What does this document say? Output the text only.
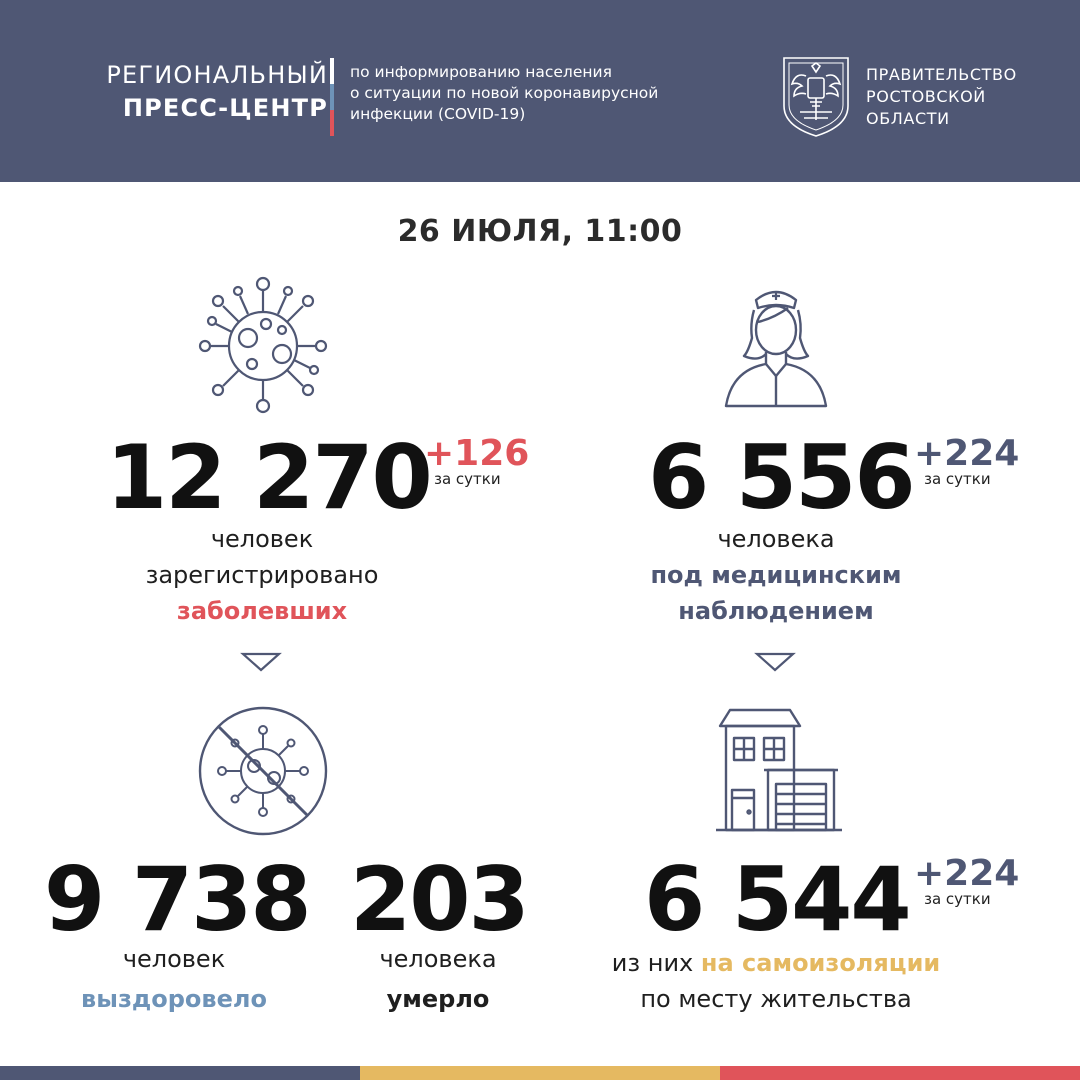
РЕГИОНАЛЬНЫЙ
ПРЕСС-ЦЕНТР
по информированию населения
о ситуации по новой коронавирусной
инфекции (COVID-19)
ПРАВИТЕЛЬСТВО
РОСТОВСКОЙ
ОБЛАСТИ
26 ИЮЛЯ, 11:00
12 270
+126
за сутки
человек
зарегистрировано
заболевших
6 556 +224
за сутки
человека
под медицинским
наблюдением
9 738
человек
выздоровело
203
человека
умерло
6 544 +224
за сутки
из них на самоизоляции
по месту жительства
